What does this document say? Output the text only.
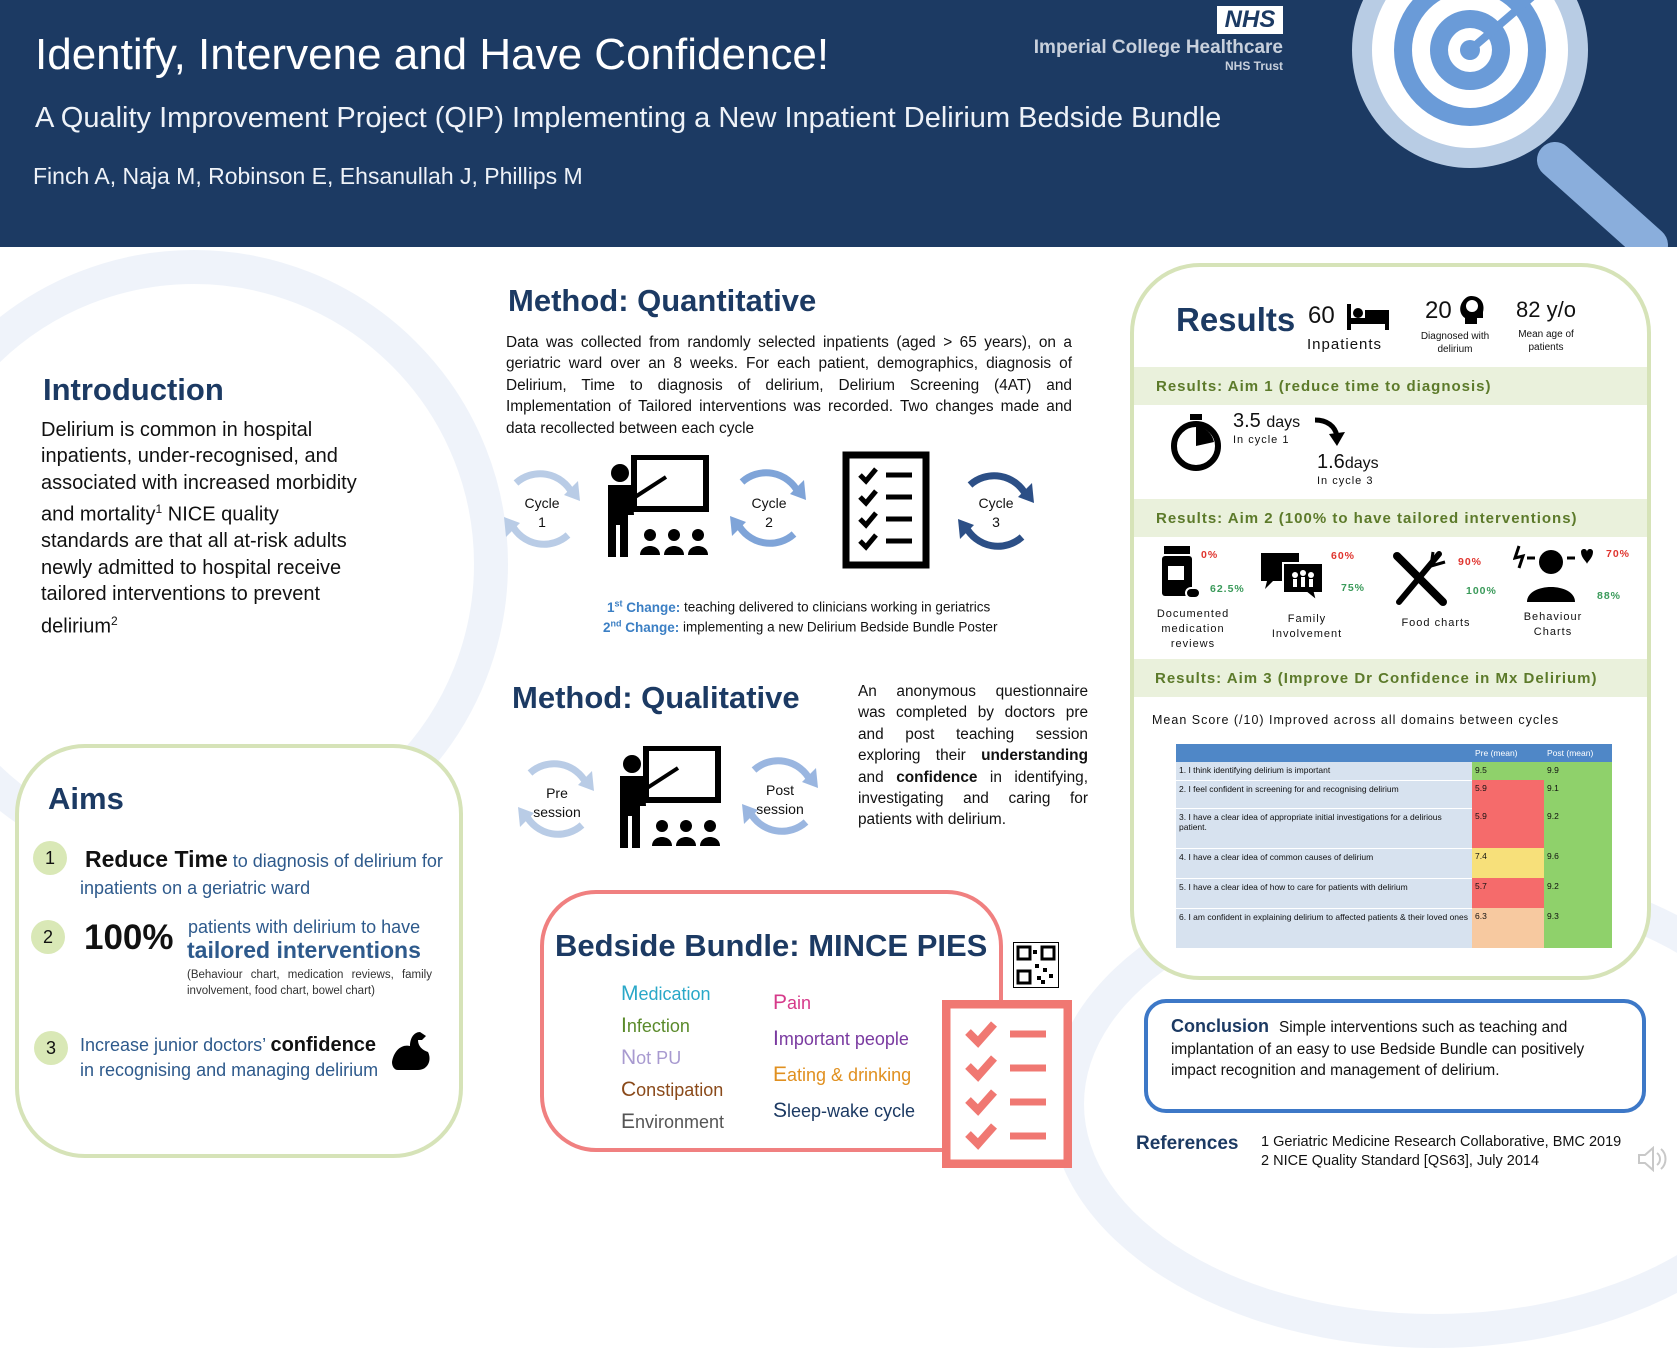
Identify, Intervene and Have Confidence!
A Quality Improvement Project (QIP) Implementing a New Inpatient Delirium Bedside Bundle
Finch A, Naja M, Robinson E, Ehsanullah J, Phillips M
NHS
Imperial College Healthcare
NHS Trust
Introduction
Delirium is common in hospital inpatients, under-recognised, and associated with increased morbidity and mortality$^1$ NICE quality standards are that all at-risk adults newly admitted to hospital receive tailored interventions to prevent delirium$^2$
Aims
1	Reduce Time to diagnosis of delirium for
inpatients on a geriatric ward
2 100% patients with delirium to have
tailored interventions
(Behaviour chart, medication reviews, family involvement, food chart, bowel chart)
3	Increase junior doctors’ confidence
in recognising and managing delirium
Method: Quantitative
Data was collected from randomly selected inpatients (aged > 65 years), on a geriatric ward over an 8 weeks. For each patient, demographics, diagnosis of Delirium, Time to diagnosis of delirium, Delirium Screening (4AT) and Implementation of Tailored interventions was recorded. Two changes made and data recollected between each cycle
Cycle
1
Cycle
2
Cycle
3
1st Change: teaching delivered to clinicians working in geriatrics
2nd Change: implementing a new Delirium Bedside Bundle Poster
Method: Qualitative
Pre
session
Post
session
An anonymous questionnaire was completed by doctors pre and post teaching session exploring their understanding and confidence in identifying, investigating and caring for patients with delirium.
Bedside Bundle: MINCE PIES
Medication
Infection
Not PU
Constipation
Environment
Pain
Important people
Eating & drinking
Sleep-wake cycle
Results 60
Inpatients
20
Diagnosed with delirium
82 y/o
Mean age of patients
Results: Aim 1 (reduce time to diagnosis)
3.5 days
In cycle 1
1.6days
In cycle 3
Results: Aim 2 (100% to have tailored interventions)
0%
62.5%
Documented medication reviews
60%
75%
Family Involvement
90%
100%
Food charts
70%
88%
Behaviour Charts
Results: Aim 3 (Improve Dr Confidence in Mx Delirium)
Mean Score (/10) Improved across all domains between cycles
	Pre (mean)	Post (mean)
1. I think identifying delirium is important	9.5	9.9
2. I feel confident in screening for and recognising delirium	5.9	9.1
3. I have a clear idea of appropriate initial investigations for a delirious patient.	5.9	9.2
4. I have a clear idea of common causes of delirium	7.4	9.6
5. I have a clear idea of how to care for patients with delirium	5.7	9.2
6. I am confident in explaining delirium to affected patients & their loved ones	6.3	9.3
Conclusion Simple interventions such as teaching and implantation of an easy to use Bedside Bundle can positively impact recognition and management of delirium.
References 1 Geriatric Medicine Research Collaborative, BMC 2019
2 NICE Quality Standard [QS63], July 2014
